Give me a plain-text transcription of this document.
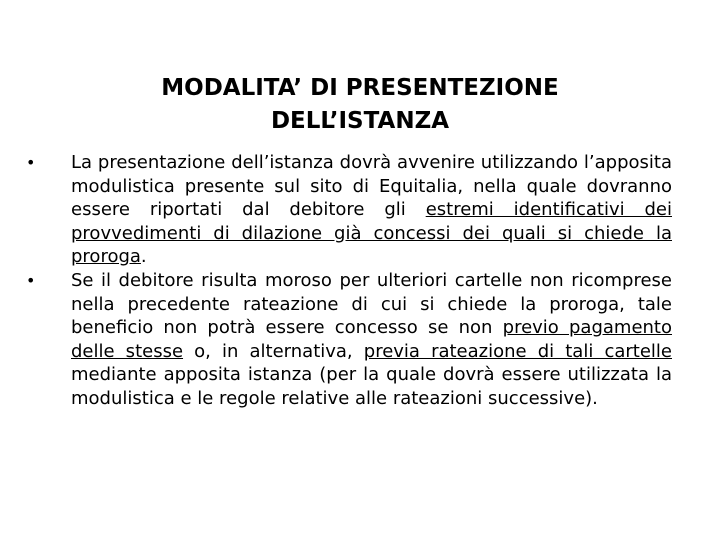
MODALITA’ DI PRESENTEZIONE
DELL’ISTANZA
• La presentazione dell’istanza dovrà avvenire utilizzando l’apposita modulistica presente sul sito di Equitalia, nella quale dovranno essere riportati dal debitore gli estremi identificativi dei provvedimenti di dilazione già concessi dei quali si chiede la proroga.
• Se il debitore risulta moroso per ulteriori cartelle non ricomprese nella precedente rateazione di cui si chiede la proroga, tale beneficio non potrà essere concesso se non previo pagamento delle stesse o, in alternativa, previa rateazione di tali cartelle mediante apposita istanza (per la quale dovrà essere utilizzata la modulistica e le regole relative alle rateazioni successive).
